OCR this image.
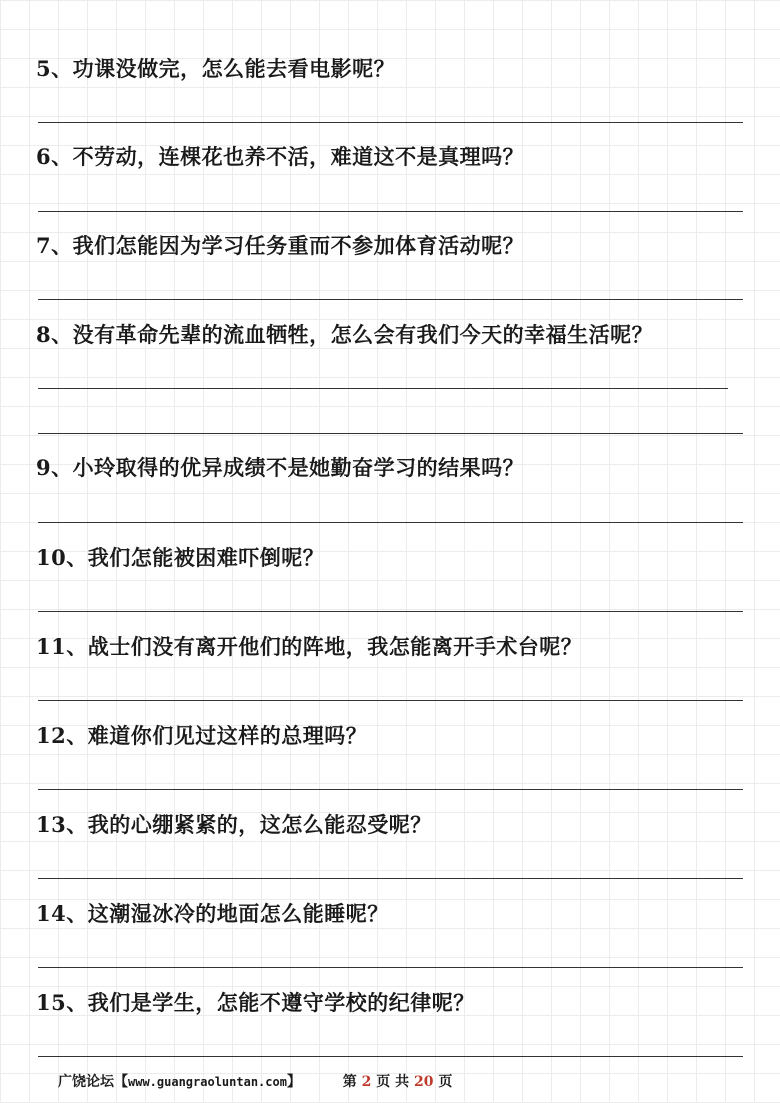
5、功课没做完，怎么能去看电影呢？
6、不劳动，连棵花也养不活，难道这不是真理吗？
7、我们怎能因为学习任务重而不参加体育活动呢？
8、没有革命先辈的流血牺牲，怎么会有我们今天的幸福生活呢？
9、小玲取得的优异成绩不是她勤奋学习的结果吗？
10、我们怎能被困难吓倒呢？
11、战士们没有离开他们的阵地，我怎能离开手术台呢？
12、难道你们见过这样的总理吗？
13、我的心绷紧紧的，这怎么能忍受呢？
14、这潮湿冰冷的地面怎么能睡呢？
15、我们是学生，怎能不遵守学校的纪律呢？
广饶论坛【www.guangraoluntan.com】	第 2 页 共 20 页
